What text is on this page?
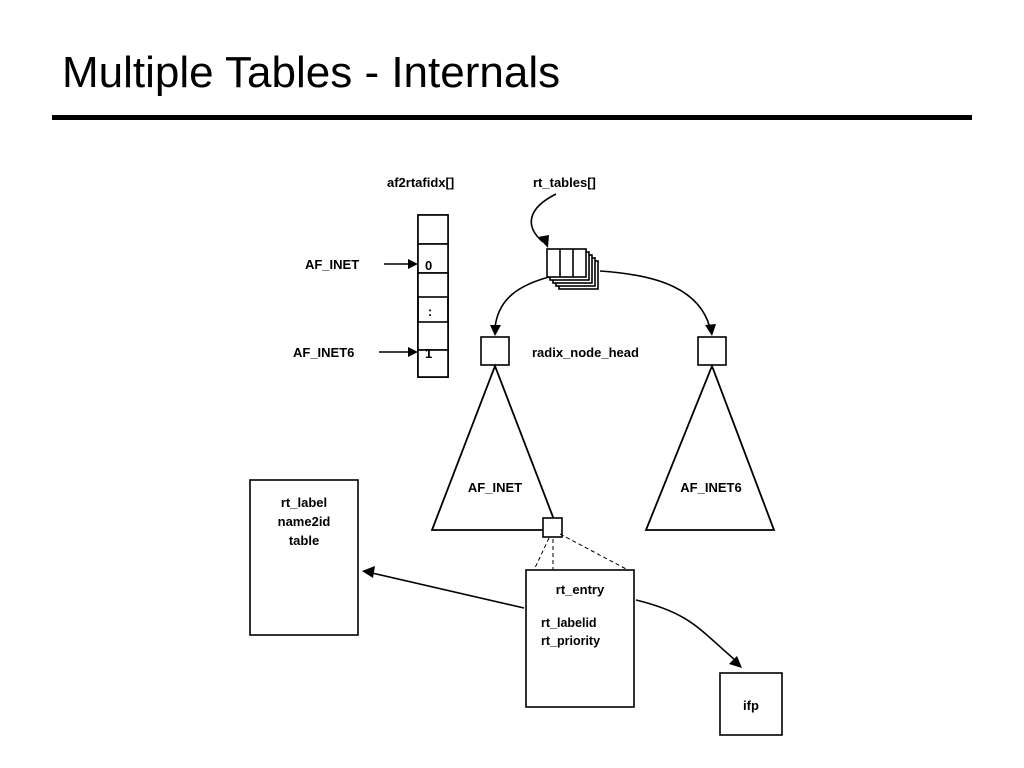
Multiple Tables - Internals
af2rtafidx[]
:
AF_INET
AF_INET6
0
1
rt_tables[]
radix_node_head
AF_INET	AF_INET6
rt_label
name2id
table
rt_entry
rt_labelid
rt_priority
ifp
